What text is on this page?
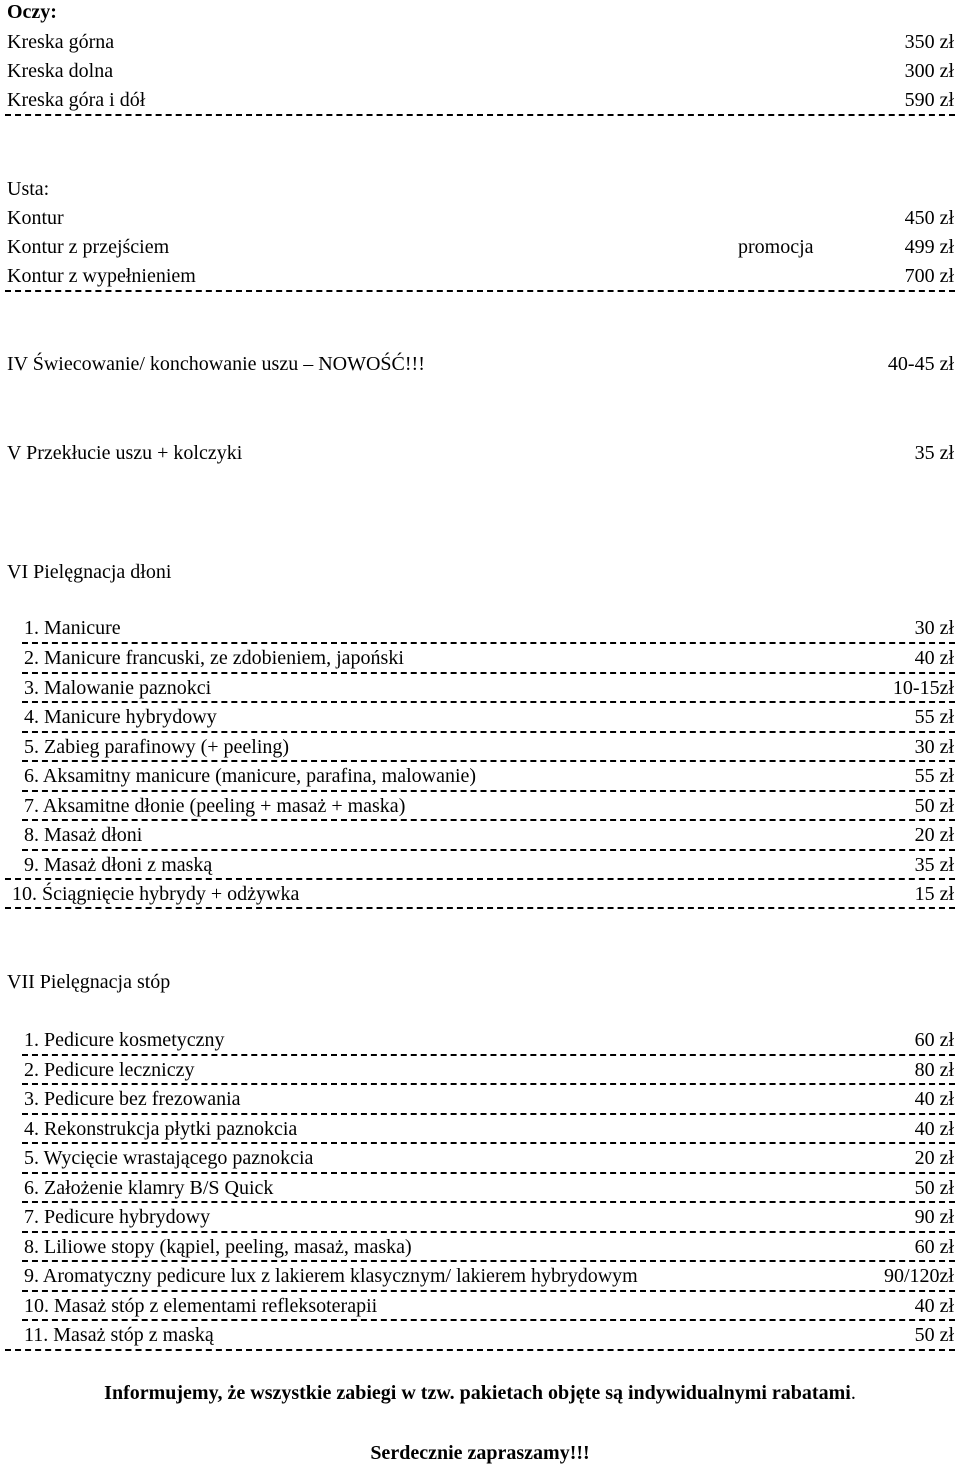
Oczy:
Kreska górna	350 zł
Kreska dolna	300 zł
Kreska góra i dół	590 zł
Usta:
Kontur	450 zł
Kontur z przejściem	promocja	499 zł
Kontur z wypełnieniem	700 zł
IV Świecowanie/ konchowanie uszu – NOWOŚĆ!!!	40-45 zł
V Przekłucie uszu + kolczyki	35 zł
VI Pielęgnacja dłoni
1. Manicure	30 zł
2. Manicure francuski, ze zdobieniem, japoński	40 zł
3. Malowanie paznokci	10-15zł
4. Manicure hybrydowy	55 zł
5. Zabieg parafinowy (+ peeling)	30 zł
6. Aksamitny manicure (manicure, parafina, malowanie)	55 zł
7. Aksamitne dłonie (peeling + masaż + maska)	50 zł
8. Masaż dłoni	20 zł
9. Masaż dłoni z maską	35 zł
10. Ściągnięcie hybrydy + odżywka	15 zł
VII Pielęgnacja stóp
1. Pedicure kosmetyczny	60 zł
2. Pedicure leczniczy	80 zł
3. Pedicure bez frezowania	40 zł
4. Rekonstrukcja płytki paznokcia	40 zł
5. Wycięcie wrastającego paznokcia	20 zł
6. Założenie klamry B/S Quick	50 zł
7. Pedicure hybrydowy	90 zł
8. Liliowe stopy (kąpiel, peeling, masaż, maska)	60 zł
9. Aromatyczny pedicure lux z lakierem klasycznym/ lakierem hybrydowym	90/120zł
10. Masaż stóp z elementami refleksoterapii	40 zł
11. Masaż stóp z maską	50 zł
Informujemy, że wszystkie zabiegi w tzw. pakietach objęte są indywidualnymi rabatami.
Serdecznie zapraszamy!!!
